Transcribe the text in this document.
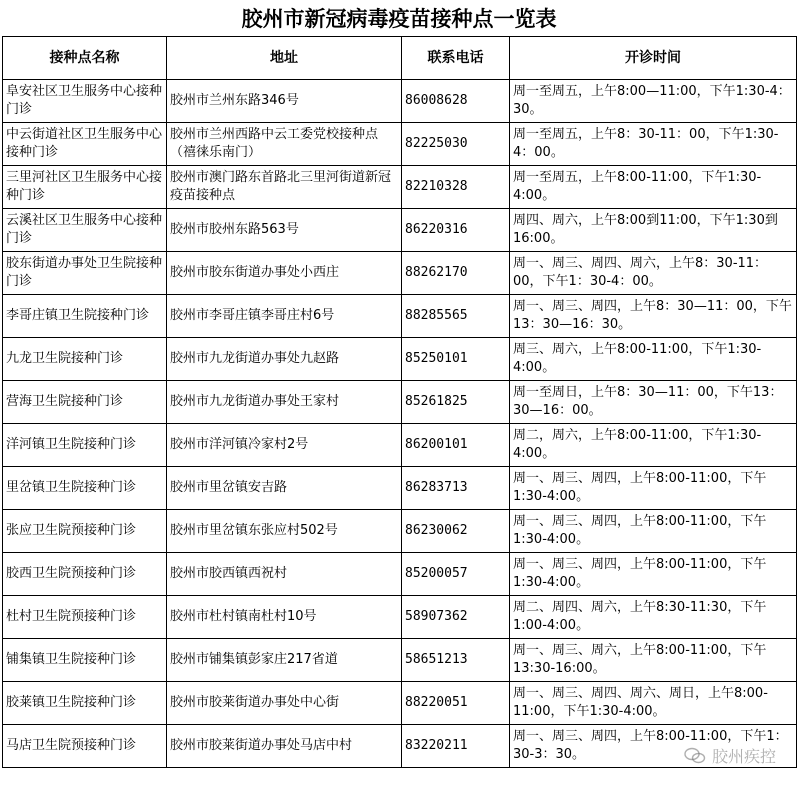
胶州市新冠病毒疫苗接种点一览表
接种点名称	地址	联系电话	开诊时间
阜安社区卫生服务中心接种门诊	胶州市兰州东路346号	86008628	周一至周五，上午8:00—11:00，下午1:30-4：30。
中云街道社区卫生服务中心接种门诊	胶州市兰州西路中云工委党校接种点（禧徕乐南门）	82225030	周一至周五，上午8：30-11：00，下午1:30-4：00。
三里河社区卫生服务中心接种门诊	胶州市澳门路东首路北三里河街道新冠疫苗接种点	82210328	周一至周五，上午8:00-11:00，下午1:30-4:00。
云溪社区卫生服务中心接种门诊	胶州市胶州东路563号	86220316	周四、周六，上午8:00到11:00，下午1:30到16:00。
胶东街道办事处卫生院接种门诊	胶州市胶东街道办事处小西庄	88262170	周一、周三、周四、周六，上午8：30-11：00，下午1：30-4：00。
李哥庄镇卫生院接种门诊	胶州市李哥庄镇李哥庄村6号	88285565	周一、周三、周四，上午8：30—11：00，下午13：30—16：30。
九龙卫生院接种门诊	胶州市九龙街道办事处九赵路	85250101	周三、周六，上午8:00-11:00，下午1:30-4:00。
营海卫生院接种门诊	胶州市九龙街道办事处王家村	85261825	周一至周日，上午8：30—11：00，下午13：30—16：00。
洋河镇卫生院接种门诊	胶州市洋河镇冷家村2号	86200101	周二，周六，上午8:00-11:00，下午1:30-4:00。
里岔镇卫生院接种门诊	胶州市里岔镇安吉路	86283713	周一、周三、周四，上午8:00-11:00，下午1:30-4:00。
张应卫生院预接种门诊	胶州市里岔镇东张应村502号	86230062	周一、周三、周四，上午8:00-11:00，下午1:30-4:00。
胶西卫生院预接种门诊	胶州市胶西镇西祝村	85200057	周一、周三、周四，上午8:00-11:00，下午1:30-4:00。
杜村卫生院预接种门诊	胶州市杜村镇南杜村10号	58907362	周二、周四、周六，上午8:30-11:30，下午1:00-4:00。
铺集镇卫生院接种门诊	胶州市铺集镇彭家庄217省道	58651213	周一、周三、周六，上午8:00-11:00，下午13:30-16:00。
胶莱镇卫生院接种门诊	胶州市胶莱街道办事处中心街	88220051	周一、周三、周四、周六、周日，上午8:00-11:00，下午1:30-4:00。
马店卫生院预接种门诊	胶州市胶莱街道办事处马店中村	83220211	周一、周三、周四，上午8:00-11:00，下午1：30-3：30。	胶州疾控
